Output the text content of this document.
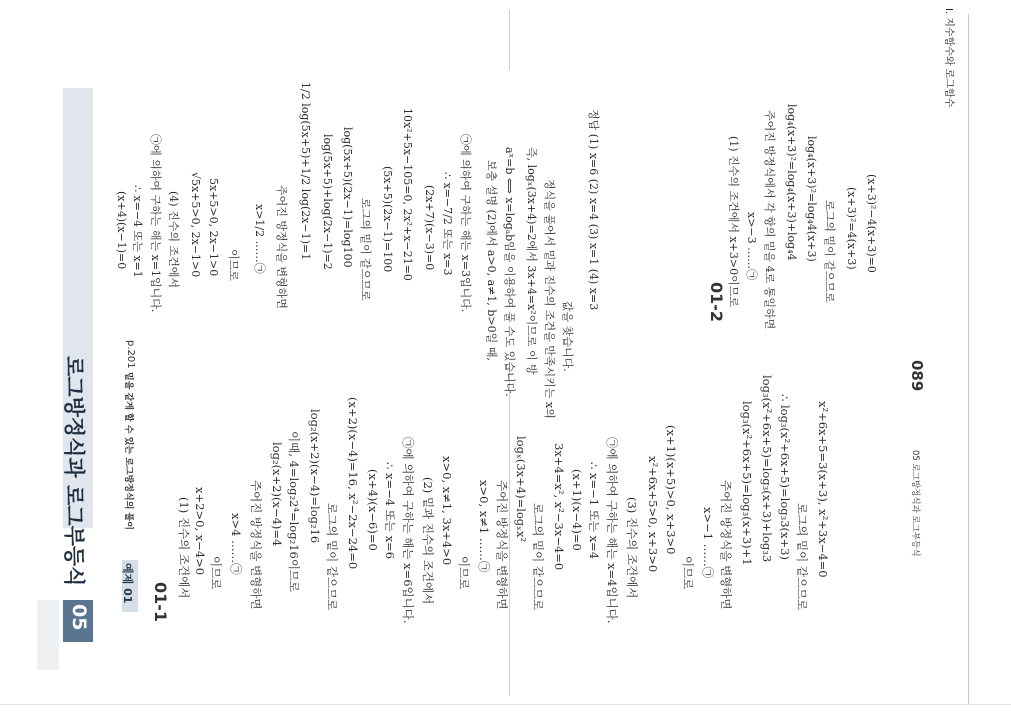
05
로그방정식과 로그부등식	예제 01
밑을 같게 할 수 있는 로그방정식의 풀이
p.201
I. 지수함수와 로그함수
05 로그방정식과 로그부등식
089
01-1
01-2
(1) 진수의 조건에서 x+2>0, x−4>0 이므로 x>4 ……㉠ 주어진 방정식을 변형하면 log₂(x+2)(x−4)=4 이때, 4=log₂2⁴=log₂16이므로 log₂(x+2)(x−4)=log₂16
로그의 밑이 같으므로 (x+2)(x−4)=16, x²−2x−24=0 (x+4)(x−6)=0 ∴ x=−4 또는 x=6 ㉠에 의하여 구하는 해는 x=6입니다. (2) 밑과 진수의 조건에서 x>0, x≠1, 3x+4>0
이므로
x>0, x≠1 ……㉠ 주어진 방정식을 변형하면 logₓ(3x+4)=logₓx²
로그의 밑이 같으므로 3x+4=x², x²−3x−4=0 (x+1)(x−4)=0 ∴ x=−1 또는 x=4 ㉠에 의하여 구하는 해는 x=4입니다. (3) 진수의 조건에서 x²+6x+5>0, x+3>0 (x+1)(x+5)>0, x+3>0
이므로 x>−1 ……㉠ 주어진 방정식을 변형하면 log₃(x²+6x+5)=log₃(x+3)+1 log₃(x²+6x+5)=log₃(x+3)+log₃3 ∴ log₃(x²+6x+5)=log₃3(x+3) 로그의 밑이 같으므로 x²+6x+5=3(x+3), x²+3x−4=0
(x+4)(x−1)=0 ∴ x=−4 또는 x=1 ㉠에 의하여 구하는 해는 x=1입니다. (4) 진수의 조건에서 √5x+5>0, 2x−1>0 5x+5>0, 2x−1>0 이므로 x>1/2 ……㉠ 주어진 방정식을 변형하면 1/2 log(5x+5)+1/2 log(2x−1)=1 log(5x+5)+log(2x−1)=2 log(5x+5)(2x−1)=log100 로그의 밑이 같으므로 (5x+5)(2x−1)=100 10x²+5x−105=0, 2x²+x−21=0 (2x+7)(x−3)=0 ∴ x=−7/2 또는 x=3 ㉠에 의하여 구하는 해는 x=3입니다. 보충 설명 (2)에서 a>0, a≠1, b>0일 때, aˣ=b ⟺ x=logₐb임을 이용하여 풀 수도 있습니다. 즉, logₓ(3x+4)=2에서 3x+4=x²이므로 이 방 정식을 풀어서 밑과 진수의 조건을 만족시키는 x의 값을 찾습니다.
정답 (1) x=6 (2) x=4 (3) x=1 (4) x=3	(1) 진수의 조건에서 x+3>0이므로 x>−3 ……㉠ 주어진 방정식에서 각 항의 밑을 4로 통일하면 log₄(x+3)²=log₄(x+3)+log₄4 log₄(x+3)²=log₄4(x+3) 로그의 밑이 같으므로 (x+3)²=4(x+3) (x+3)²−4(x+3)=0
